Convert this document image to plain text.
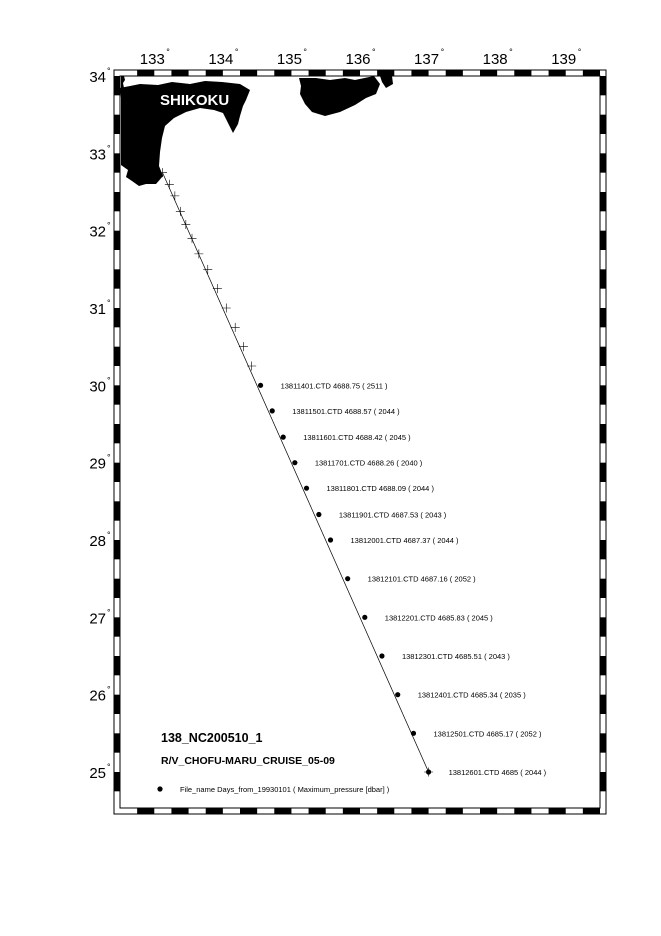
SHIKOKU
133 °	134 °	135 °	136 °	137 °	138 °	139 °
25 °
26 °
27 °
28 °
29 °
30 °
31 °
32 °
33 °
34 °
13811401.CTD 4688.75 ( 2511 )
13811501.CTD 4688.57 ( 2044 )
13811601.CTD 4688.42 ( 2045 )
13811701.CTD 4688.26 ( 2040 )
13811801.CTD 4688.09 ( 2044 )
13811901.CTD 4687.53 ( 2043 )
13812001.CTD 4687.37 ( 2044 )
13812101.CTD 4687.16 ( 2052 )
13812201.CTD 4685.83 ( 2045 )
13812301.CTD 4685.51 ( 2043 )
13812401.CTD 4685.34 ( 2035 )
13812501.CTD 4685.17 ( 2052 )
13812601.CTD 4685 ( 2044 )
138_NC200510_1
R/V_CHOFU-MARU_CRUISE_05-09
File_name Days_from_19930101 ( Maximum_pressure [dbar] )
